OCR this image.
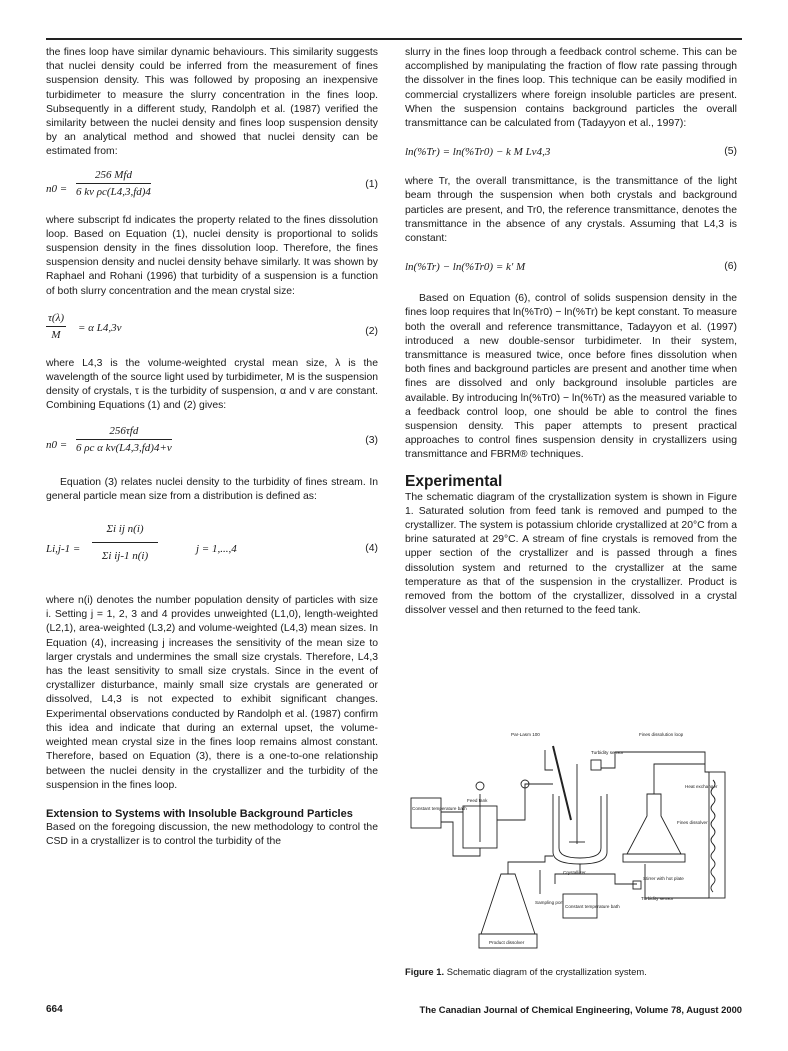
the fines loop have similar dynamic behaviours. This similarity suggests that nuclei density could be inferred from the measurement of fines suspension density. This was followed by proposing an inexpensive turbidimeter to measure the slurry concentration in the fines loop. Subsequently in a different study, Randolph et al. (1987) verified the similarity between the nuclei density and fines loop suspension density by an analytical method and showed that nuclei density can be estimated from:

n0 =
256 Mfd
6 kv ρc(L4,3,fd)4
(1)

where subscript fd indicates the property related to the fines dissolution loop. Based on Equation (1), nuclei density is proportional to solids suspension density in the fines dissolution loop. Therefore, the fines suspension density and nuclei density behave similarly. It was shown by Raphael and Rohani (1996) that turbidity of a suspension is a function of both slurry concentration and the mean crystal size:

$\frac{\tau(\lambda)}{M} = \alpha$ L4,3v	(2)

where L4,3 is the volume-weighted crystal mean size, λ is the wavelength of the source light used by turbidimeter, M is the suspension density of crystals, τ is the turbidity of suspension, α and v are constant. Combining Equations (1) and (2) gives:

n0 =
256τfd
6 ρc α kv(L4,3,fd)4+v
(3)

Equation (3) relates nuclei density to the turbidity of fines stream. In general particle mean size from a distribution is defined as:

$Li,j-1 = \frac{\text{Σi ij n(i)}}{\text{Σi ij-1 n(i)}}$	j = 1,...,4	(4)

where n(i) denotes the number population density of particles with size i. Setting j = 1, 2, 3 and 4 provides unweighted (L1,0), length-weighted (L2,1), area-weighted (L3,2) and volume-weighted (L4,3) mean sizes. In Equation (4), increasing j increases the sensitivity of the mean size to larger crystals and undermines the small size crystals. Therefore, L4,3 has the least sensitivity to small size crystals. Since in the event of crystallizer disturbance, mainly small size crystals are generated or dissolved, L4,3 is not expected to exhibit significant changes. Experimental observations conducted by Randolph et al. (1987) confirm this idea and indicate that during an external upset, the volume-weighted mean crystal size in the fines loop remains almost constant. Therefore, based on Equation (3), there is a one-to-one relationship between the nuclei density in the crystallizer and the turbidity of the suspension in the fines loop.

Extension to Systems with Insoluble Background Particles

Based on the foregoing discussion, the new methodology to control the CSD in a crystallizer is to control the turbidity of the

slurry in the fines loop through a feedback control scheme. This can be accomplished by manipulating the fraction of flow rate passing through the dissolver in the fines loop. This technique can be easily modified in commercial crystallizers where foreign insoluble particles are present. When the suspension contains background particles the overall transmittance can be calculated from (Tadayyon et al., 1997):

ln(%Tr) = ln(%Tr0) − k M Lv4,3	(5)

where Tr, the overall transmittance, is the transmittance of the light beam through the suspension when both crystals and background particles are present, and Tr0, the reference transmittance, denotes the transmittance in the absence of any crystals. Assuming that L4,3 is constant:

ln(%Tr) − ln(%Tr0) = k′ M	(6)

Based on Equation (6), control of solids suspension density in the fines loop requires that ln(%Tr0) − ln(%Tr) be kept constant. To measure both the overall and reference transmittance, Tadayyon et al. (1997) introduced a new double-sensor turbidimeter. In their system, transmittance is measured twice, once before fines dissolution when both fines and background particles are present and another time when fines are dissolved and only background insoluble particles are available. By introducing ln(%Tr0) − ln(%Tr) as the measured variable to a feedback control loop, one should be able to control the fines suspension density. This paper attempts to present practical approaches to control fines suspension density in crystallizers using transmittance and FBRM® techniques.

Experimental

The schematic diagram of the crystallization system is shown in Figure 1. Saturated solution from feed tank is removed and pumped to the crystallizer. The system is potassium chloride crystallized at 20°C from a brine saturated at 29°C. A stream of fine crystals is removed from the upper section of the crystallizer and is passed through a fines dissolution system and returned to the crystallizer at the same temperature as that of the suspension in the crystallizer. Product is removed from the bottom of the crystallizer, dissolved in a crystal dissolver vessel and then returned to the feed tank.

Par-Lasm 100	Fines dissolution loop
Turbidity sensor
Constant temperature bath
Feed tank
Heat exchanger
Fines dissolver
Crystallizer
Stirrer with hot plate
Sampling port
Turbidity sensor
Constant temperature bath
Product dissolver
Figure 1. Schematic diagram of the crystallization system.
664	The Canadian Journal of Chemical Engineering, Volume 78, August 2000
